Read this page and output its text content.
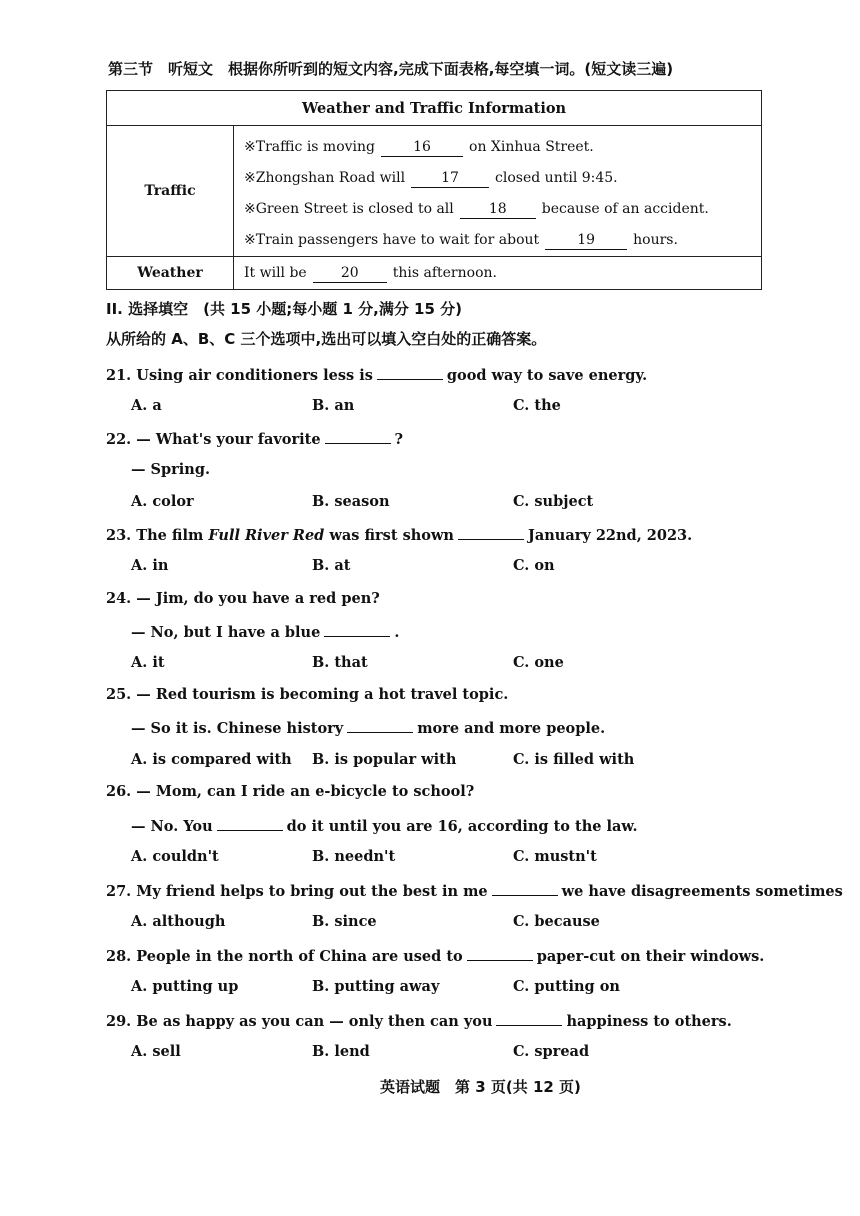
第三节　听短文　根据你所听到的短文内容,完成下面表格,每空填一词。(短文读三遍)
Weather and Traffic Information	
Traffic	※Traffic is moving 16 on Xinhua Street.
※Zhongshan Road will 17 closed until 9:45.
※Green Street is closed to all 18 because of an accident.
※Train passengers have to wait for about 19 hours.

Weather	It will be 20 this afternoon.
II. 选择填空　(共 15 小题;每小题 1 分,满分 15 分)
从所给的 A、B、C 三个选项中,选出可以填入空白处的正确答案。
21. Using air conditioners less is	good way to save energy.
A. a	B. an	C. the
22. — What's your favorite	?
— Spring.
A. color	B. season	C. subject
23. The film Full River Red was first shown	January 22nd, 2023.
A. in	B. at	C. on
24. — Jim, do you have a red pen?
— No, but I have a blue	.
A. it	B. that	C. one
25. — Red tourism is becoming a hot travel topic.
— So it is. Chinese history	more and more people.
A. is compared with B. is popular with	C. is filled with
26. — Mom, can I ride an e-bicycle to school?
— No. You	do it until you are 16, according to the law.
A. couldn't	B. needn't	C. mustn't
27. My friend helps to bring out the best in me	we have disagreements sometimes
A. although	B. since	C. because
28. People in the north of China are used to	paper-cut on their windows.
A. putting up	B. putting away	C. putting on
29. Be as happy as you can — only then can you	happiness to others.
A. sell	B. lend	C. spread
英语试题　第 3 页(共 12 页)
